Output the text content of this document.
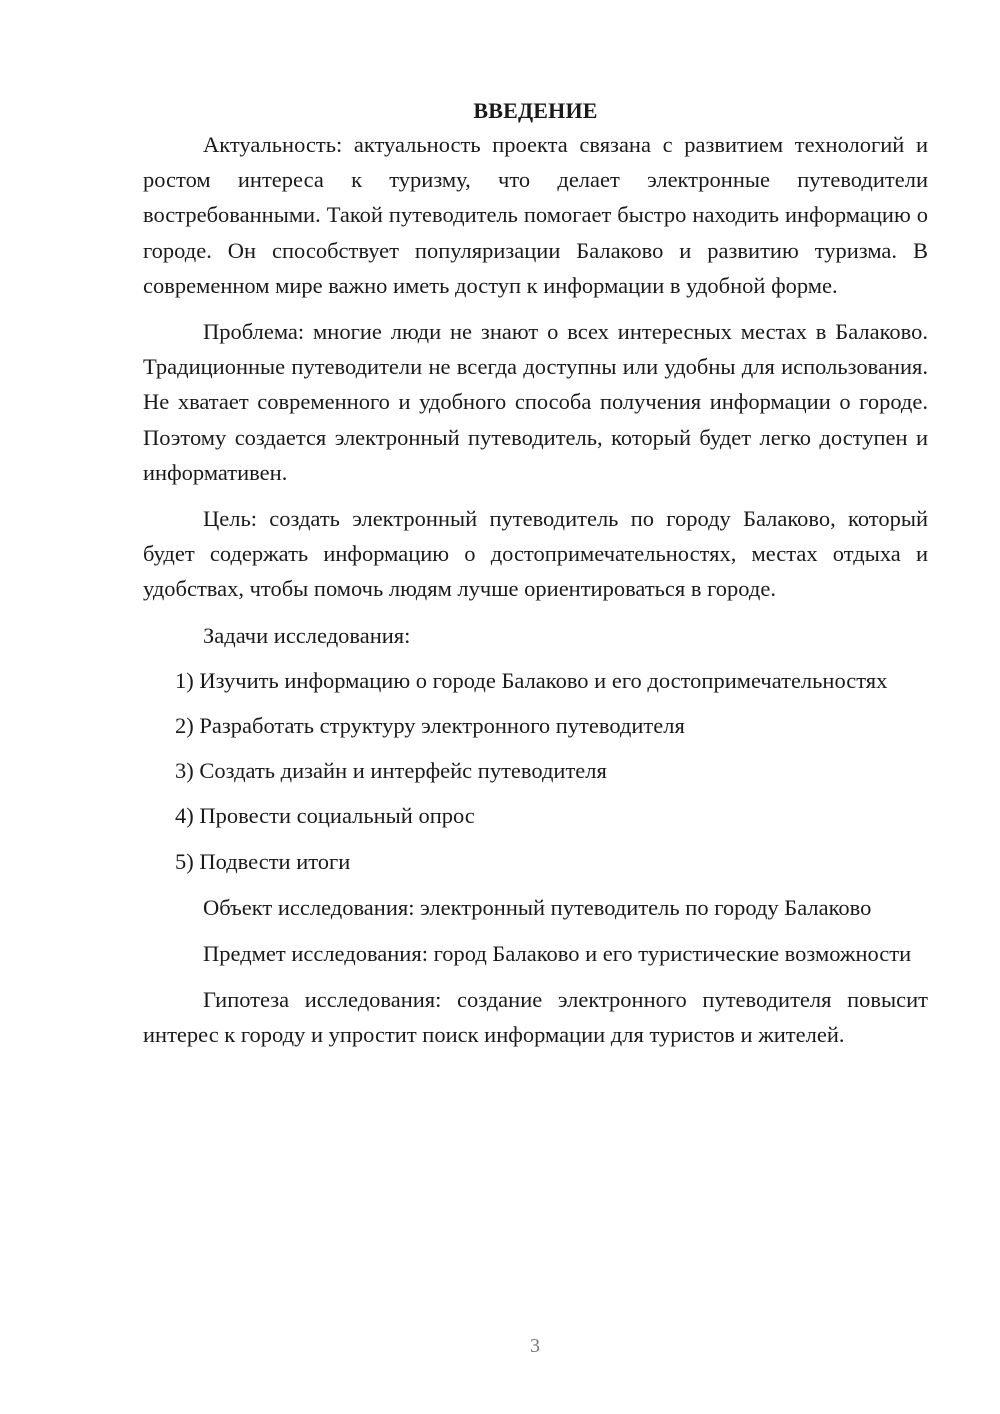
ВВЕДЕНИЕ

Актуальность: актуальность проекта связана с развитием технологий и ростом интереса к туризму, что делает электронные путеводители востребованными. Такой путеводитель помогает быстро находить информацию о городе. Он способствует популяризации Балаково и развитию туризма. В современном мире важно иметь доступ к информации в удобной форме.

Проблема: многие люди не знают о всех интересных местах в Балаково. Традиционные путеводители не всегда доступны или удобны для использования. Не хватает современного и удобного способа получения информации о городе. Поэтому создается электронный путеводитель, который будет легко доступен и информативен.

Цель: создать электронный путеводитель по городу Балаково, который будет содержать информацию о достопримечательностях, местах отдыха и удобствах, чтобы помочь людям лучше ориентироваться в городе.

Задачи исследования:

1) Изучить информацию о городе Балаково и его достопримечательностях

2) Разработать структуру электронного путеводителя

3) Создать дизайн и интерфейс путеводителя

4) Провести социальный опрос

5) Подвести итоги

Объект исследования: электронный путеводитель по городу Балаково

Предмет исследования: город Балаково и его туристические возможности

Гипотеза исследования: создание электронного путеводителя повысит интерес к городу и упростит поиск информации для туристов и жителей.

3
